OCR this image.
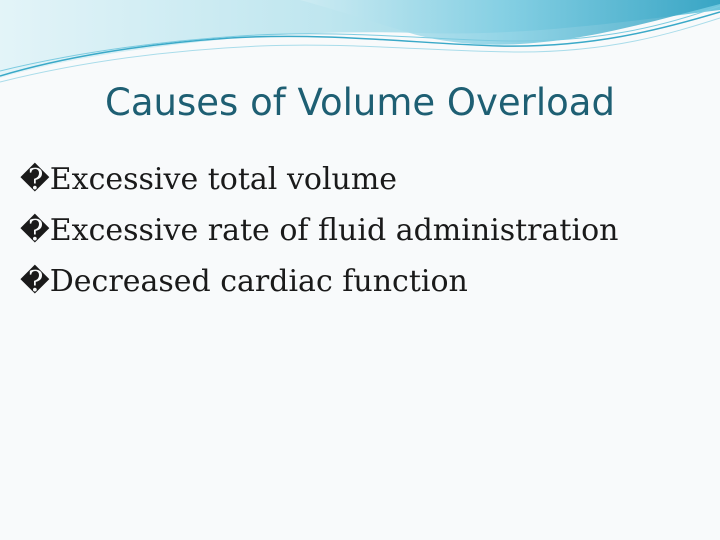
Causes of Volume Overload
�Excessive total volume
�Excessive rate of fluid administration
�Decreased cardiac function
